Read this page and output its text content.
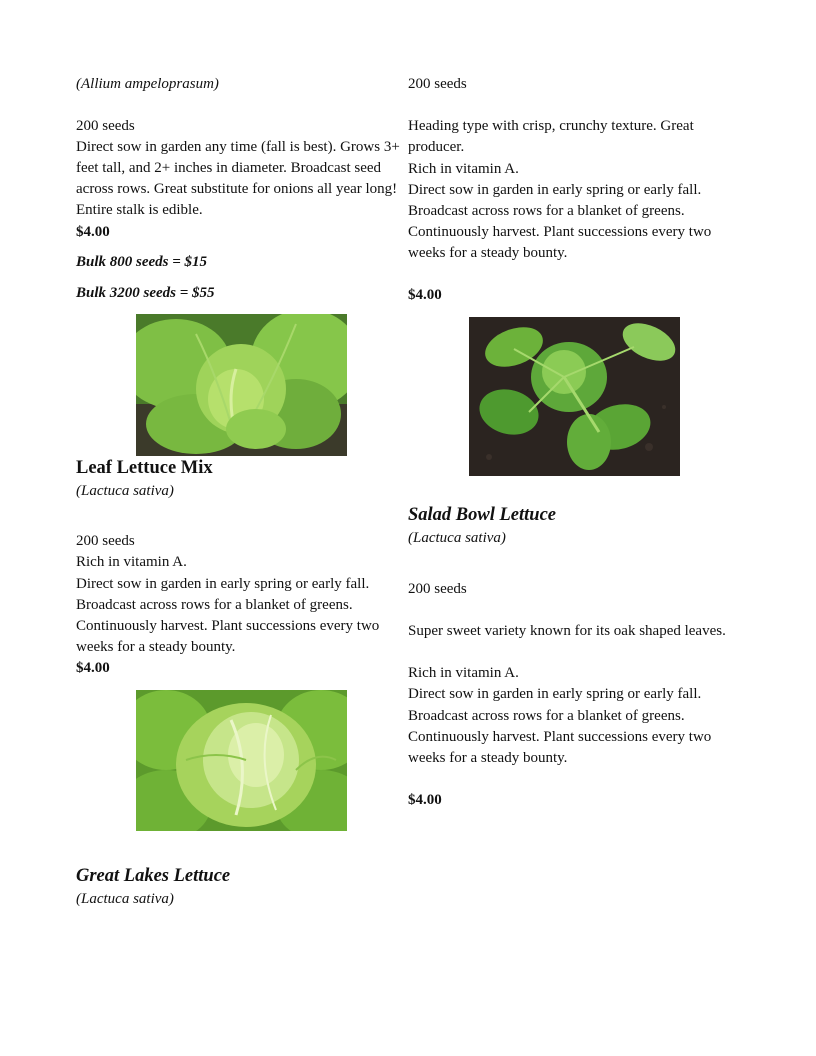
(Allium ampeloprasum)

200 seeds

Direct sow in garden any time (fall is best). Grows 3+ feet tall, and 2+ inches in diameter. Broadcast seed across rows. Great substitute for onions all year long! Entire stalk is edible.

$4.00

Bulk 800 seeds = $15

Bulk 3200 seeds = $55

Leaf Lettuce Mix

(Lactuca sativa)

200 seeds

Rich in vitamin A.

Direct sow in garden in early spring or early fall.

Broadcast across rows for a blanket of greens.

Continuously harvest. Plant successions every two weeks for a steady bounty.

$4.00

Great Lakes Lettuce

(Lactuca sativa)

200 seeds

Heading type with crisp, crunchy texture. Great producer.

Rich in vitamin A.

Direct sow in garden in early spring or early fall.

Broadcast across rows for a blanket of greens.

Continuously harvest. Plant successions every two weeks for a steady bounty.

$4.00

Salad Bowl Lettuce

(Lactuca sativa)

200 seeds

Super sweet variety known for its oak shaped leaves.

Rich in vitamin A.

Direct sow in garden in early spring or early fall.

Broadcast across rows for a blanket of greens.

Continuously harvest. Plant successions every two weeks for a steady bounty.

$4.00
